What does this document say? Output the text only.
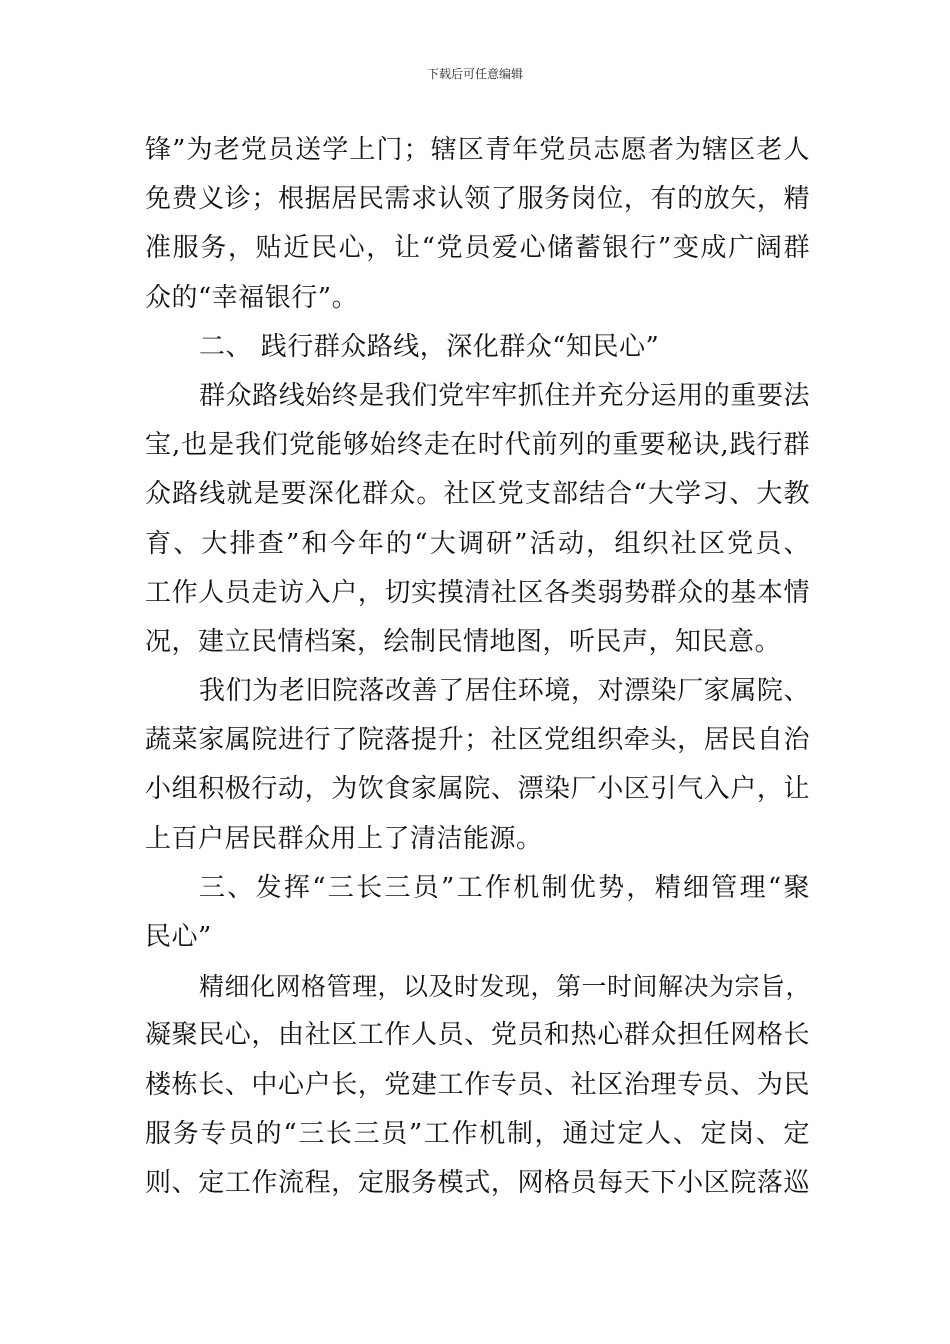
下载后可任意编辑
锋”为老党员送学上门；辖区青年党员志愿者为辖区老人
免费义诊；根据居民需求认领了服务岗位，有的放矢，精
准服务，贴近民心，让“党员爱心储蓄银行”变成广阔群
众的“幸福银行”。
二、 践行群众路线，深化群众“知民心”
群众路线始终是我们党牢牢抓住并充分运用的重要法
宝,也是我们党能够始终走在时代前列的重要秘诀,践行群
众路线就是要深化群众。社区党支部结合“大学习、大教
育、大排查”和今年的“大调研”活动，组织社区党员、
工作人员走访入户，切实摸清社区各类弱势群众的基本情
况，建立民情档案，绘制民情地图，听民声，知民意。
我们为老旧院落改善了居住环境，对漂染厂家属院、
蔬菜家属院进行了院落提升；社区党组织牵头，居民自治
小组积极行动，为饮食家属院、漂染厂小区引气入户，让
上百户居民群众用上了清洁能源。
三、发挥“三长三员”工作机制优势，精细管理“聚
民心”
精细化网格管理，以及时发现，第一时间解决为宗旨，
凝聚民心，由社区工作人员、党员和热心群众担任网格长
楼栋长、中心户长，党建工作专员、社区治理专员、为民
服务专员的“三长三员”工作机制，通过定人、定岗、定
则、定工作流程，定服务模式，网格员每天下小区院落巡
